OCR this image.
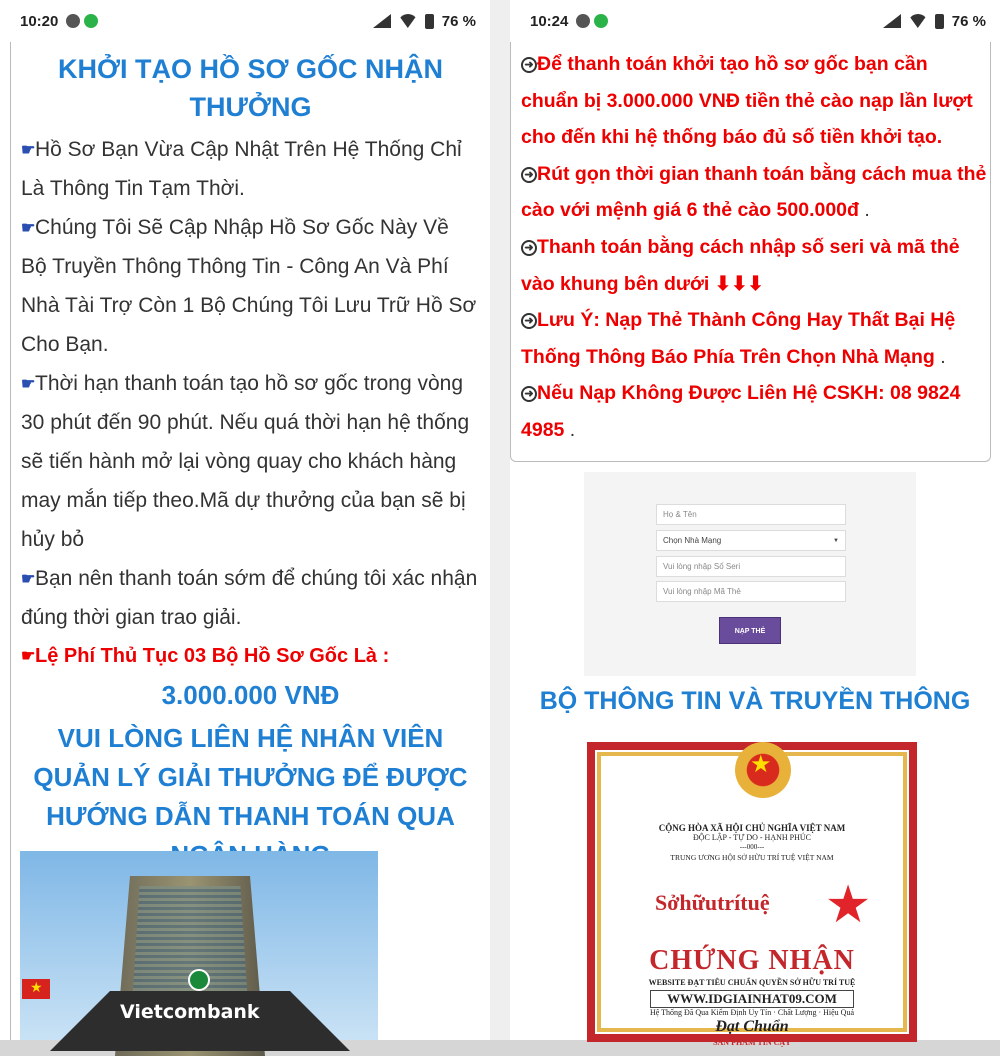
10:20	76 %
KHỞI TẠO HỒ SƠ GỐC NHẬN THƯỞNG
☛Hồ Sơ Bạn Vừa Cập Nhật Trên Hệ Thống Chỉ Là Thông Tin Tạm Thời.
☛Chúng Tôi Sẽ Cập Nhập Hồ Sơ Gốc Này Về Bộ Truyền Thông Thông Tin - Công An Và Phí Nhà Tài Trợ Còn 1 Bộ Chúng Tôi Lưu Trữ Hồ Sơ Cho Bạn.
☛Thời hạn thanh toán tạo hồ sơ gốc trong vòng 30 phút đến 90 phút. Nếu quá thời hạn hệ thống sẽ tiến hành mở lại vòng quay cho khách hàng may mắn tiếp theo.Mã dự thưởng của bạn sẽ bị hủy bỏ
☛Bạn nên thanh toán sớm để chúng tôi xác nhận đúng thời gian trao giải.
☛Lệ Phí Thủ Tục 03 Bộ Hồ Sơ Gốc Là :
3.000.000 VNĐ
VUI LÒNG LIÊN HỆ NHÂN VIÊN QUẢN LÝ GIẢI THƯỞNG ĐỂ ĐƯỢC HƯỚNG DẪN THANH TOÁN QUA
★
Vietcombank
10:24	76 %
➜ Để thanh toán khởi tạo hồ sơ gốc bạn cần chuẩn bị 3.000.000 VNĐ tiền thẻ cào nạp lần lượt cho đến khi hệ thống báo đủ số tiền khởi tạo.
➜ Rút gọn thời gian thanh toán bằng cách mua thẻ cào với mệnh giá 6 thẻ cào 500.000đ .
➜ Thanh toán bằng cách nhập số seri và mã thẻ vào khung bên dưới ⬇⬇⬇
➜ Lưu Ý: Nạp Thẻ Thành Công Hay Thất Bại Hệ Thống Thông Báo Phía Trên Chọn Nhà Mạng .
➜ Nếu Nạp Không Được Liên Hệ CSKH: 08 9824 4985 .
Họ & Tên
Chọn Nhà Mạng	▼
Vui lòng nhập Số Seri
Vui lòng nhập Mã Thẻ
NẠP THẺ
BỘ THÔNG TIN VÀ TRUYỀN THÔNG
★
CỘNG HÒA XÃ HỘI CHỦ NGHĨA VIỆT NAM
ĐỘC LẬP - TỰ DO - HẠNH PHÚC
---000---
TRUNG ƯƠNG HỘI SỞ HỮU TRÍ TUỆ VIỆT NAM
Sởhữutrítuệ ★
CHỨNG NHẬN
WEBSITE ĐẠT TIÊU CHUẨN QUYỀN SỞ HỮU TRÍ TUỆ
WWW.IDGIAINHAT09.COM
Hệ Thống Đã Qua Kiểm Định Uy Tín · Chất Lượng · Hiệu Quả
Đạt Chuẩn
"SẢN PHẨM TIN CẬY"
